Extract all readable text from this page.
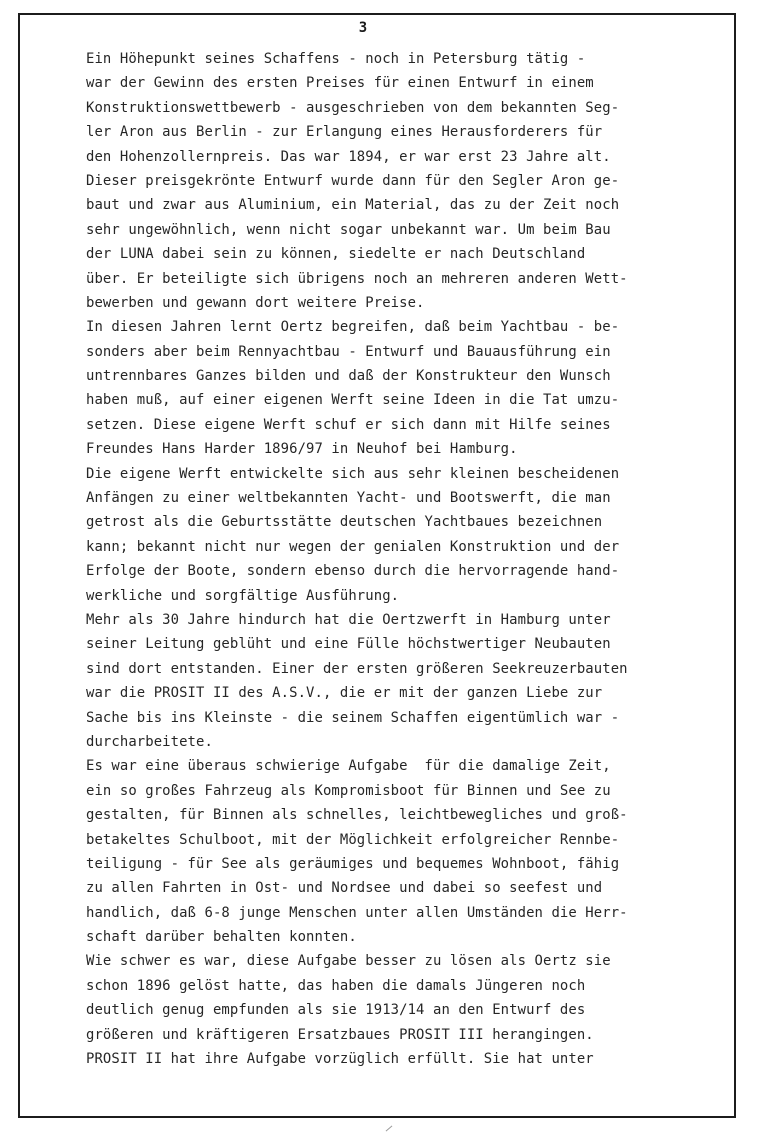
3
Ein Höhepunkt seines Schaffens - noch in Petersburg tätig -
war der Gewinn des ersten Preises für einen Entwurf in einem
Konstruktionswettbewerb - ausgeschrieben von dem bekannten Seg-
ler Aron aus Berlin - zur Erlangung eines Herausforderers für
den Hohenzollernpreis. Das war 1894, er war erst 23 Jahre alt.
Dieser preisgekrönte Entwurf wurde dann für den Segler Aron ge-
baut und zwar aus Aluminium, ein Material, das zu der Zeit noch
sehr ungewöhnlich, wenn nicht sogar unbekannt war. Um beim Bau
der LUNA dabei sein zu können, siedelte er nach Deutschland
über. Er beteiligte sich übrigens noch an mehreren anderen Wett-
bewerben und gewann dort weitere Preise.
In diesen Jahren lernt Oertz begreifen, daß beim Yachtbau - be-
sonders aber beim Rennyachtbau - Entwurf und Bauausführung ein
untrennbares Ganzes bilden und daß der Konstrukteur den Wunsch
haben muß, auf einer eigenen Werft seine Ideen in die Tat umzu-
setzen. Diese eigene Werft schuf er sich dann mit Hilfe seines
Freundes Hans Harder 1896/97 in Neuhof bei Hamburg.
Die eigene Werft entwickelte sich aus sehr kleinen bescheidenen
Anfängen zu einer weltbekannten Yacht- und Bootswerft, die man
getrost als die Geburtsstätte deutschen Yachtbaues bezeichnen
kann; bekannt nicht nur wegen der genialen Konstruktion und der
Erfolge der Boote, sondern ebenso durch die hervorragende hand-
werkliche und sorgfältige Ausführung.
Mehr als 30 Jahre hindurch hat die Oertzwerft in Hamburg unter
seiner Leitung geblüht und eine Fülle höchstwertiger Neubauten
sind dort entstanden. Einer der ersten größeren Seekreuzerbauten
war die PROSIT II des A.S.V., die er mit der ganzen Liebe zur
Sache bis ins Kleinste - die seinem Schaffen eigentümlich war -
durcharbeitete.
Es war eine überaus schwierige Aufgabe  für die damalige Zeit,
ein so großes Fahrzeug als Kompromisboot für Binnen und See zu
gestalten, für Binnen als schnelles, leichtbewegliches und groß-
betakeltes Schulboot, mit der Möglichkeit erfolgreicher Rennbe-
teiligung - für See als geräumiges und bequemes Wohnboot, fähig
zu allen Fahrten in Ost- und Nordsee und dabei so seefest und
handlich, daß 6-8 junge Menschen unter allen Umständen die Herr-
schaft darüber behalten konnten.
Wie schwer es war, diese Aufgabe besser zu lösen als Oertz sie
schon 1896 gelöst hatte, das haben die damals Jüngeren noch
deutlich genug empfunden als sie 1913/14 an den Entwurf des
größeren und kräftigeren Ersatzbaues PROSIT III herangingen.
PROSIT II hat ihre Aufgabe vorzüglich erfüllt. Sie hat unter
